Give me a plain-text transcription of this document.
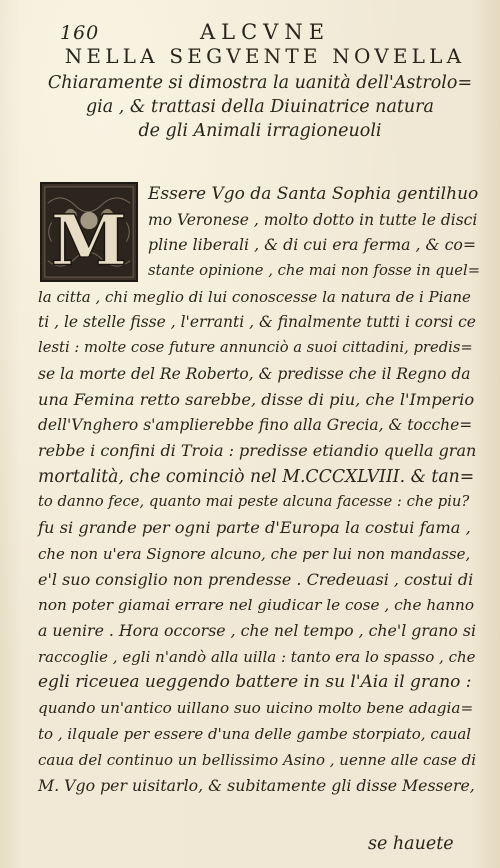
160	ALCVNE
NELLA SEGVENTE NOVELLA
Chiaramente si dimostra la uanità dell'Astrolo=
gia , & trattasi della Diuinatrice natura
de gli Animali irragioneuoli
M
Essere Vgo da Santa Sophia gentilhuo
mo Veronese , molto dotto in tutte le disci
pline liberali , & di cui era ferma , & co=
stante opinione , che mai non fosse in quel=
la citta , chi meglio di lui conoscesse la natura de i Piane
ti , le stelle fisse , l'erranti , & finalmente tutti i corsi ce
lesti : molte cose future annunciò a suoi cittadini, predis=
se la morte del Re Roberto, & predisse che il Regno da
una Femina retto sarebbe, disse di piu, che l'Imperio
dell'Vnghero s'amplierebbe fino alla Grecia, & tocche=
rebbe i confini di Troia : predisse etiandio quella gran
mortalità, che cominciò nel M.CCCXLVIII. & tan=
to danno fece, quanto mai peste alcuna facesse : che piu?
fu si grande per ogni parte d'Europa la costui fama ,
che non u'era Signore alcuno, che per lui non mandasse,
e'l suo consiglio non prendesse . Credeuasi , costui di
non poter giamai errare nel giudicar le cose , che hanno
a uenire . Hora occorse , che nel tempo , che'l grano si
raccoglie , egli n'andò alla uilla : tanto era lo spasso , che
egli riceuea ueggendo battere in su l'Aia il grano :
quando un'antico uillano suo uicino molto bene adagia=
to , ilquale per essere d'una delle gambe storpiato, caual
caua del continuo un bellissimo Asino , uenne alle case di
M. Vgo per uisitarlo, & subitamente gli disse Messere,
se hauete
